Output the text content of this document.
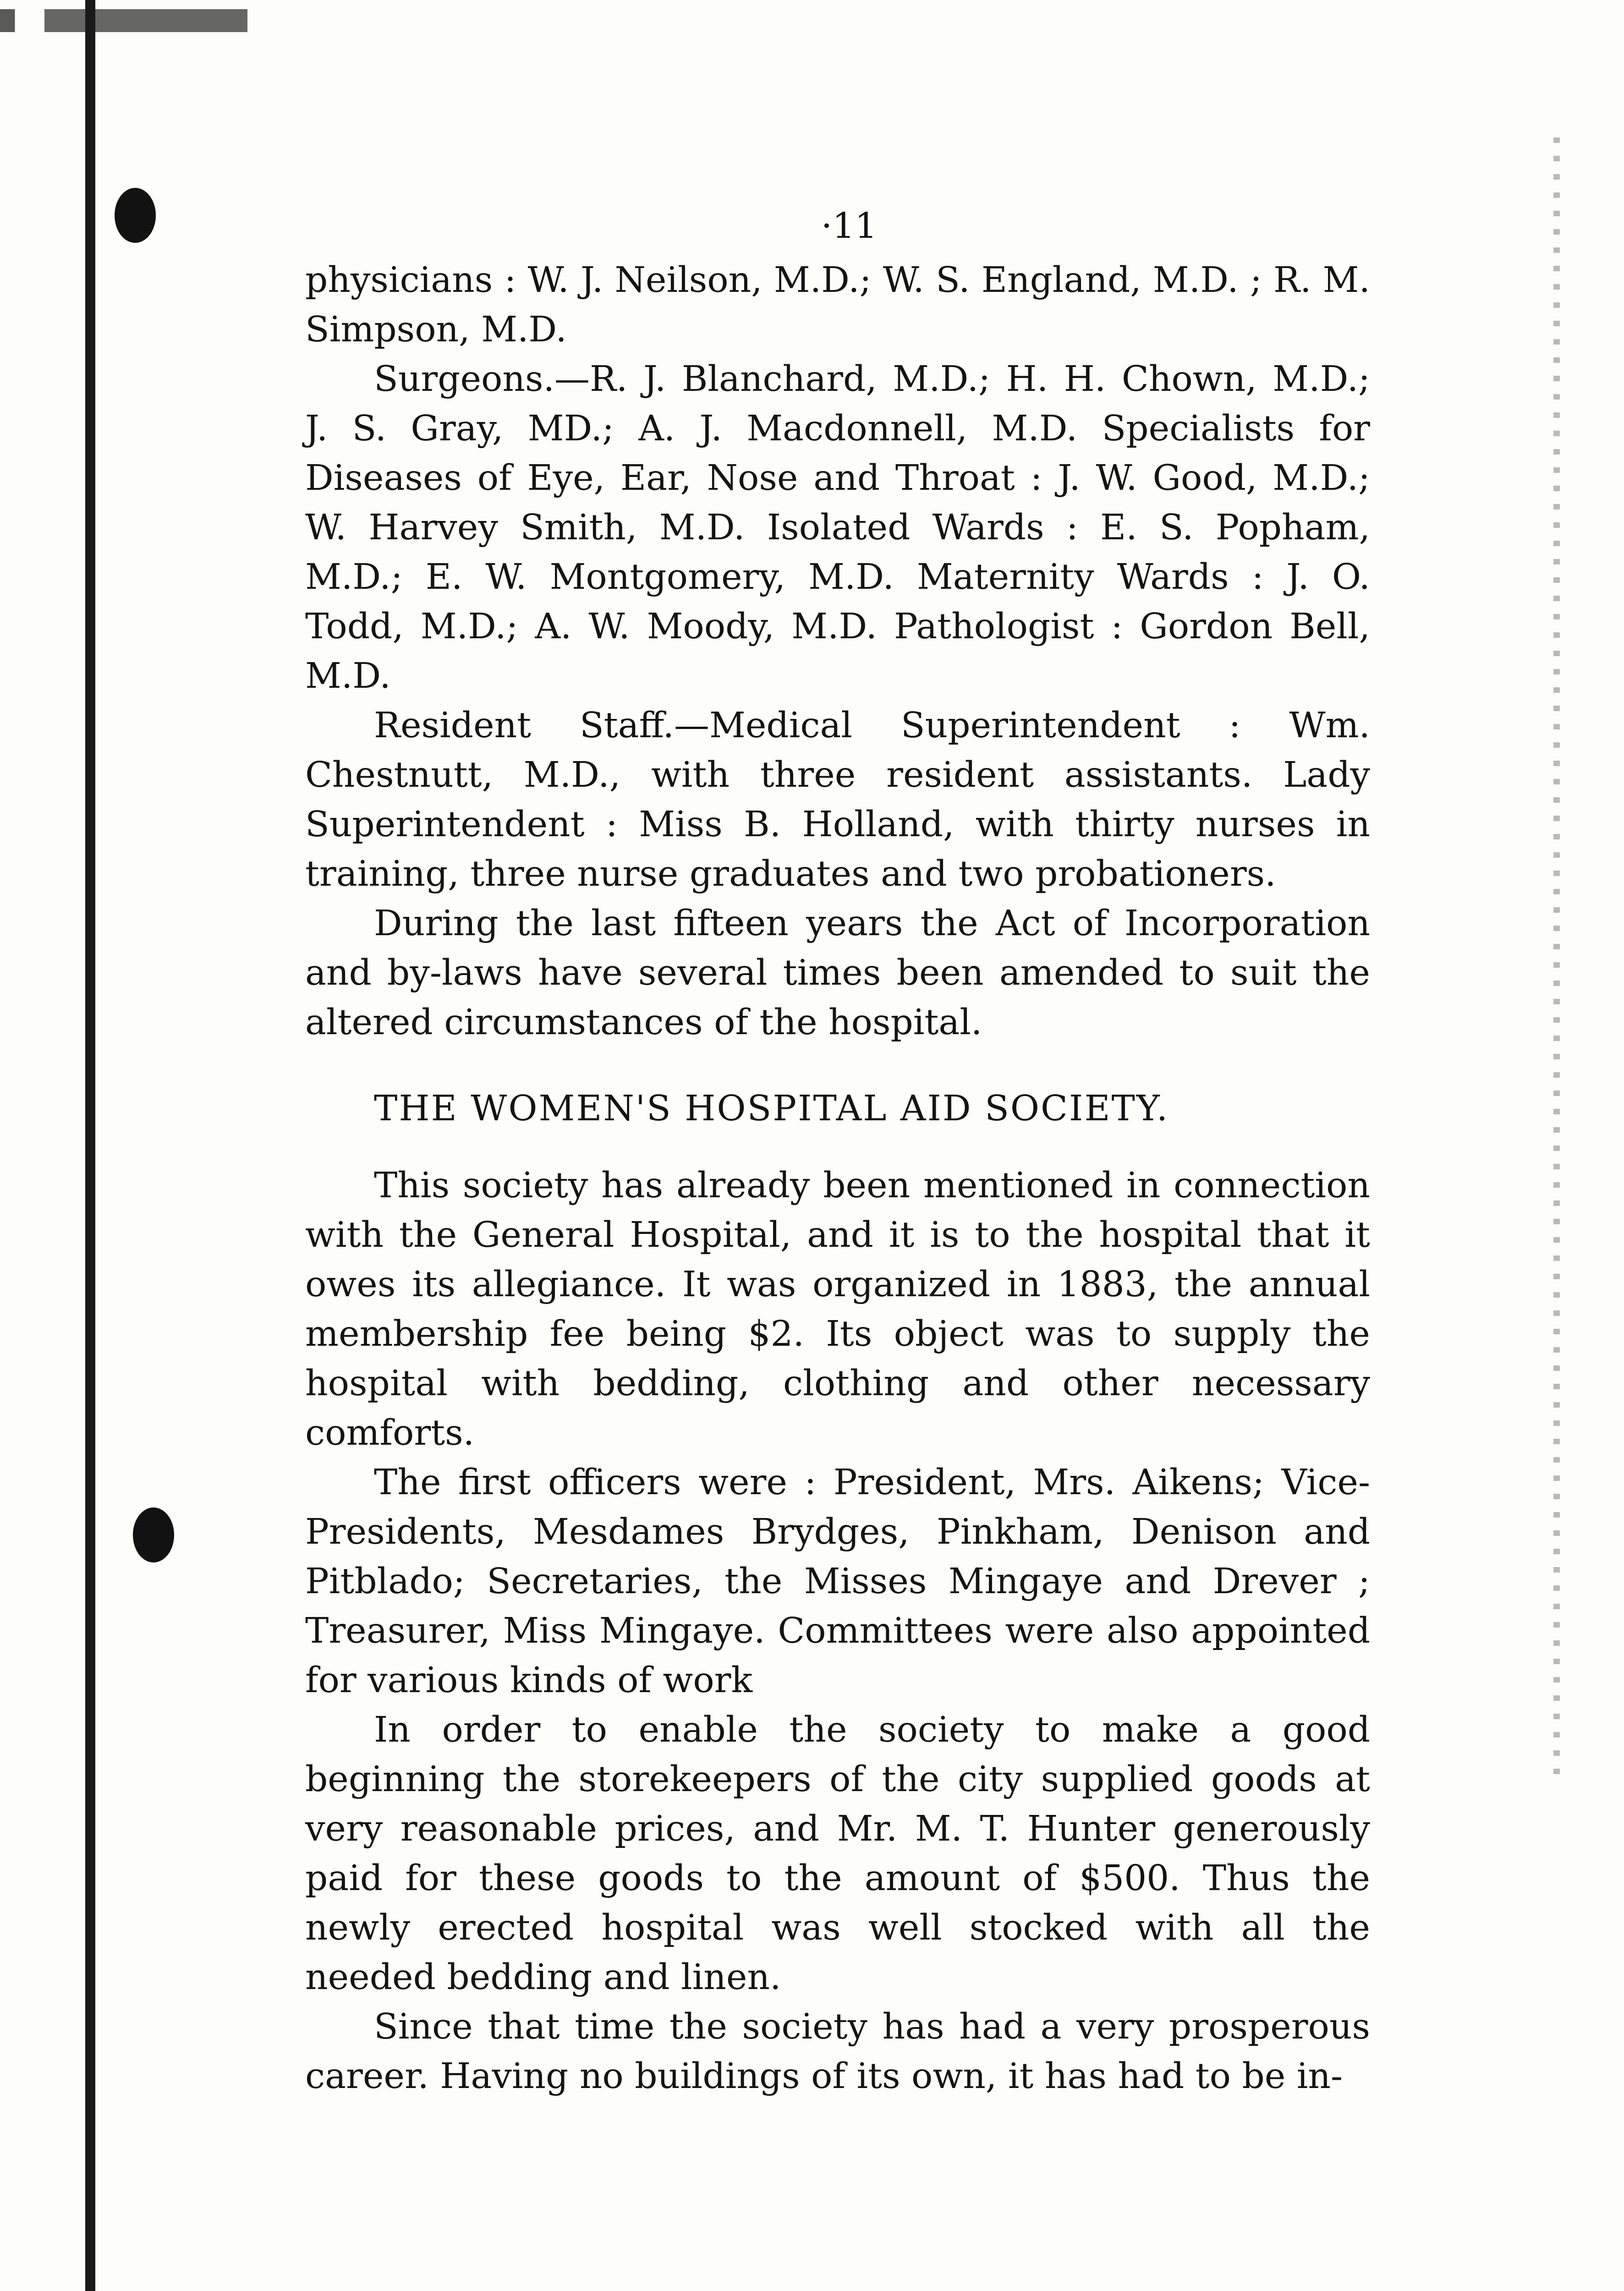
·11

physicians : W. J. Neilson, M.D.; W. S. England, M.D. ; R. M. Simpson, M.D.

Surgeons.—R. J. Blanchard, M.D.; H. H. Chown, M.D.; J. S. Gray, MD.; A. J. Macdonnell, M.D. Specialists for Diseases of Eye, Ear, Nose and Throat : J. W. Good, M.D.; W. Harvey Smith, M.D. Isolated Wards : E. S. Popham, M.D.; E. W. Montgomery, M.D. Maternity Wards : J. O. Todd, M.D.; A. W. Moody, M.D. Pathologist : Gordon Bell, M.D.

Resident Staff.—Medical Superintendent : Wm. Chestnutt, M.D., with three resident assistants. Lady Superintendent : Miss B. Holland, with thirty nurses in training, three nurse graduates and two probationers.

During the last fifteen years the Act of Incorporation and by-laws have several times been amended to suit the altered circumstances of the hospital.

THE WOMEN'S HOSPITAL AID SOCIETY.

This society has already been mentioned in connection with the General Hospital, and it is to the hospital that it owes its allegiance. It was organized in 1883, the annual membership fee being $2. Its object was to supply the hospital with bedding, clothing and other necessary comforts.

The first officers were : President, Mrs. Aikens; Vice-Presidents, Mesdames Brydges, Pinkham, Denison and Pitblado; Secretaries, the Misses Mingaye and Drever ; Treasurer, Miss Mingaye. Committees were also appointed for various kinds of work

In order to enable the society to make a good beginning the storekeepers of the city supplied goods at very reasonable prices, and Mr. M. T. Hunter generously paid for these goods to the amount of $500. Thus the newly erected hospital was well stocked with all the needed bedding and linen.

Since that time the society has had a very prosperous career. Having no buildings of its own, it has had to be in-
